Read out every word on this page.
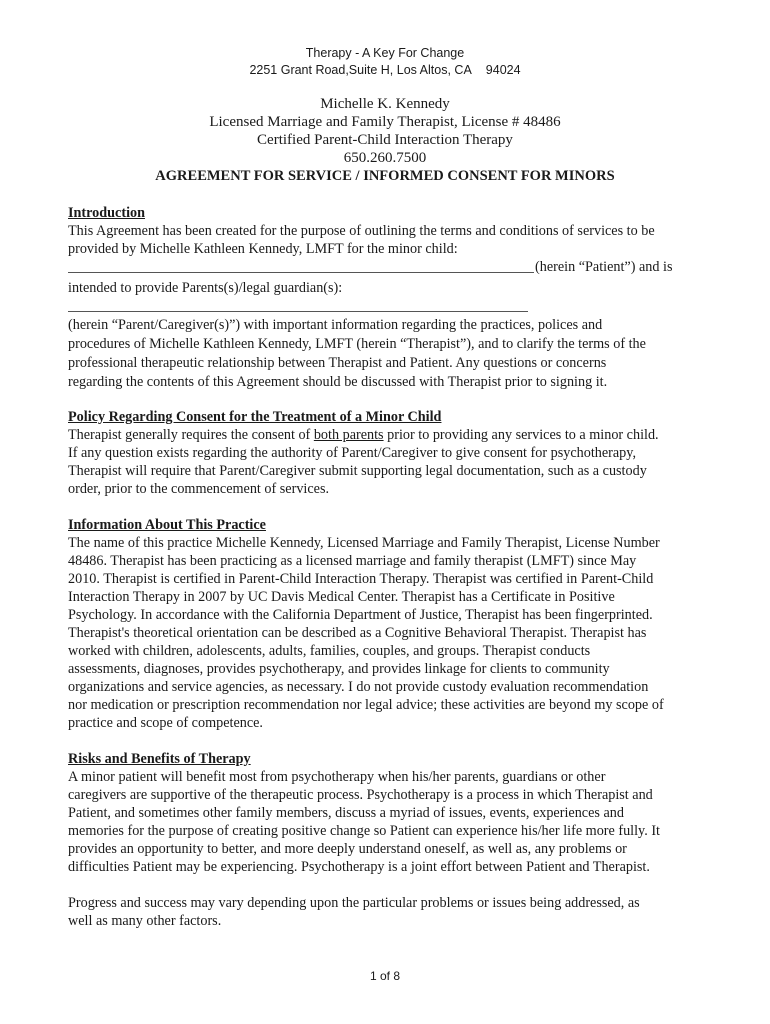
Therapy - A Key For Change
2251 Grant Road,Suite H, Los Altos, CA 94024
Michelle K. Kennedy
Licensed Marriage and Family Therapist, License # 48486
Certified Parent-Child Interaction Therapy
650.260.7500
AGREEMENT FOR SERVICE / INFORMED CONSENT FOR MINORS
Introduction
This Agreement has been created for the purpose of outlining the terms and conditions of services to be
provided by Michelle Kathleen Kennedy, LMFT for the minor child:
(herein “Patient”) and is
intended to provide Parents(s)/legal guardian(s):
(herein “Parent/Caregiver(s)”) with important information regarding the practices, polices and
procedures of Michelle Kathleen Kennedy, LMFT (herein “Therapist”), and to clarify the terms of the
professional therapeutic relationship between Therapist and Patient. Any questions or concerns
regarding the contents of this Agreement should be discussed with Therapist prior to signing it.
Policy Regarding Consent for the Treatment of a Minor Child
Therapist generally requires the consent of both parents prior to providing any services to a minor child.
If any question exists regarding the authority of Parent/Caregiver to give consent for psychotherapy,
Therapist will require that Parent/Caregiver submit supporting legal documentation, such as a custody
order, prior to the commencement of services.
Information About This Practice
The name of this practice Michelle Kennedy, Licensed Marriage and Family Therapist, License Number
48486. Therapist has been practicing as a licensed marriage and family therapist (LMFT) since May
2010. Therapist is certified in Parent-Child Interaction Therapy. Therapist was certified in Parent-Child
Interaction Therapy in 2007 by UC Davis Medical Center. Therapist has a Certificate in Positive
Psychology. In accordance with the California Department of Justice, Therapist has been fingerprinted.
Therapist's theoretical orientation can be described as a Cognitive Behavioral Therapist. Therapist has
worked with children, adolescents, adults, families, couples, and groups. Therapist conducts
assessments, diagnoses, provides psychotherapy, and provides linkage for clients to community
organizations and service agencies, as necessary. I do not provide custody evaluation recommendation
nor medication or prescription recommendation nor legal advice; these activities are beyond my scope of
practice and scope of competence.
Risks and Benefits of Therapy
A minor patient will benefit most from psychotherapy when his/her parents, guardians or other
caregivers are supportive of the therapeutic process. Psychotherapy is a process in which Therapist and
Patient, and sometimes other family members, discuss a myriad of issues, events, experiences and
memories for the purpose of creating positive change so Patient can experience his/her life more fully. It
provides an opportunity to better, and more deeply understand oneself, as well as, any problems or
difficulties Patient may be experiencing. Psychotherapy is a joint effort between Patient and Therapist.
Progress and success may vary depending upon the particular problems or issues being addressed, as
well as many other factors.
1 of 8
